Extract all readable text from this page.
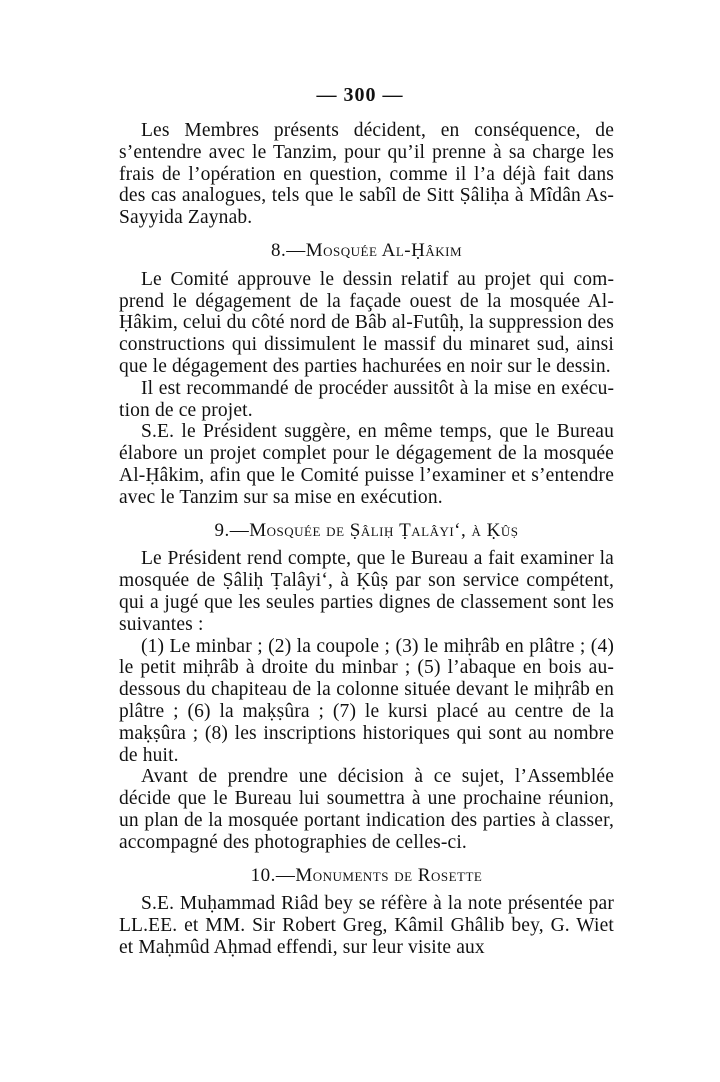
— 300 —

Les Membres présents décident, en conséquence, de s’entendre avec le Tanzim, pour qu’il prenne à sa charge les frais de l’opération en question, comme il l’a déjà fait dans des cas analogues, tels que le sabîl de Sitt Ṣâliḥa à Mîdân As-Sayyida Zaynab.

8.—Mosquée Al-Ḥâkim

Le Comité approuve le dessin relatif au projet qui comprend le dégagement de la façade ouest de la mosquée Al-Ḥâkim, celui du côté nord de Bâb al-Futûḥ, la suppression des constructions qui dissimulent le massif du minaret sud, ainsi que le dégagement des parties hachurées en noir sur le dessin.

Il est recommandé de procéder aussitôt à la mise en exécution de ce projet.

S.E. le Président suggère, en même temps, que le Bureau élabore un projet complet pour le dégagement de la mosquée Al-Ḥâkim, afin que le Comité puisse l’examiner et s’entendre avec le Tanzim sur sa mise en exécution.

9.—Mosquée de Ṣâliḥ Ṭalâyi‘, à Ḳûṣ

Le Président rend compte, que le Bureau a fait examiner la mosquée de Ṣâliḥ Ṭalâyi‘, à Ḳûṣ par son service compétent, qui a jugé que les seules parties dignes de classement sont les suivantes :

(1) Le minbar ; (2) la coupole ; (3) le miḥrâb en plâtre ; (4) le petit miḥrâb à droite du minbar ; (5) l’abaque en bois au-dessous du chapiteau de la colonne située devant le miḥrâb en plâtre ; (6) la maḳṣûra ; (7) le kursi placé au centre de la maḳṣûra ; (8) les inscriptions historiques qui sont au nombre de huit.

Avant de prendre une décision à ce sujet, l’Assemblée décide que le Bureau lui soumettra à une prochaine réunion, un plan de la mosquée portant indication des parties à classer, accompagné des photographies de celles-ci.

10.—Monuments de Rosette

S.E. Muḥammad Riâd bey se réfère à la note présentée par LL.EE. et MM. Sir Robert Greg, Kâmil Ghâlib bey, G. Wiet et Maḥmûd Aḥmad effendi, sur leur visite aux
